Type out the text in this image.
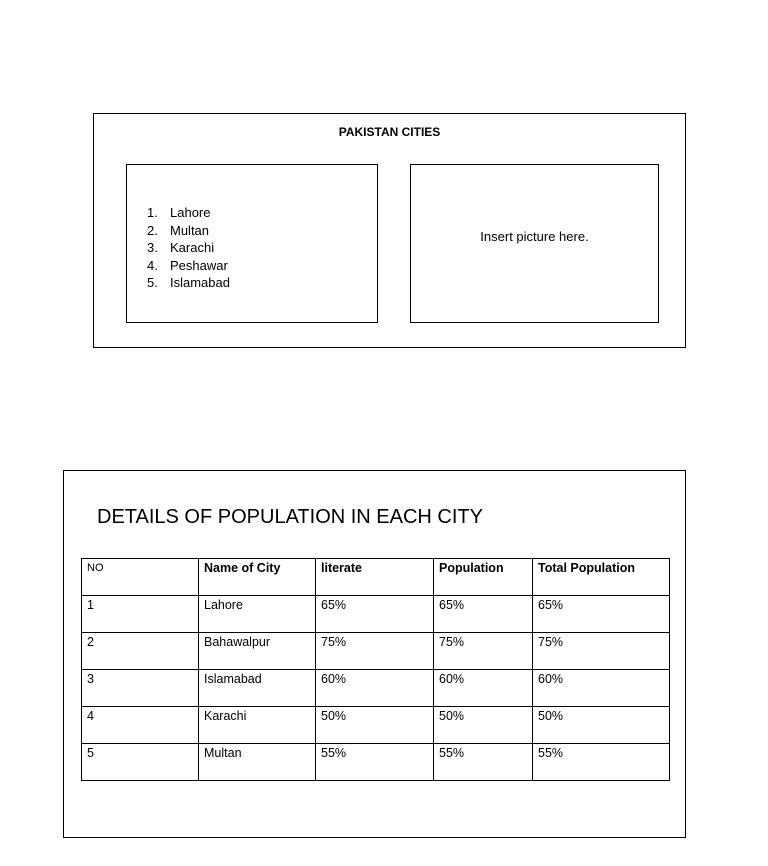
PAKISTAN CITIES
1. Lahore
2. Multan
3. Karachi
4. Peshawar
5. Islamabad
Insert picture here.
DETAILS OF POPULATION IN EACH CITY
NO	Name of City	literate	Population	Total Population
1	Lahore	65%	65%	65%
2	Bahawalpur	75%	75%	75%
3	Islamabad	60%	60%	60%
4	Karachi	50%	50%	50%
5	Multan	55%	55%	55%
